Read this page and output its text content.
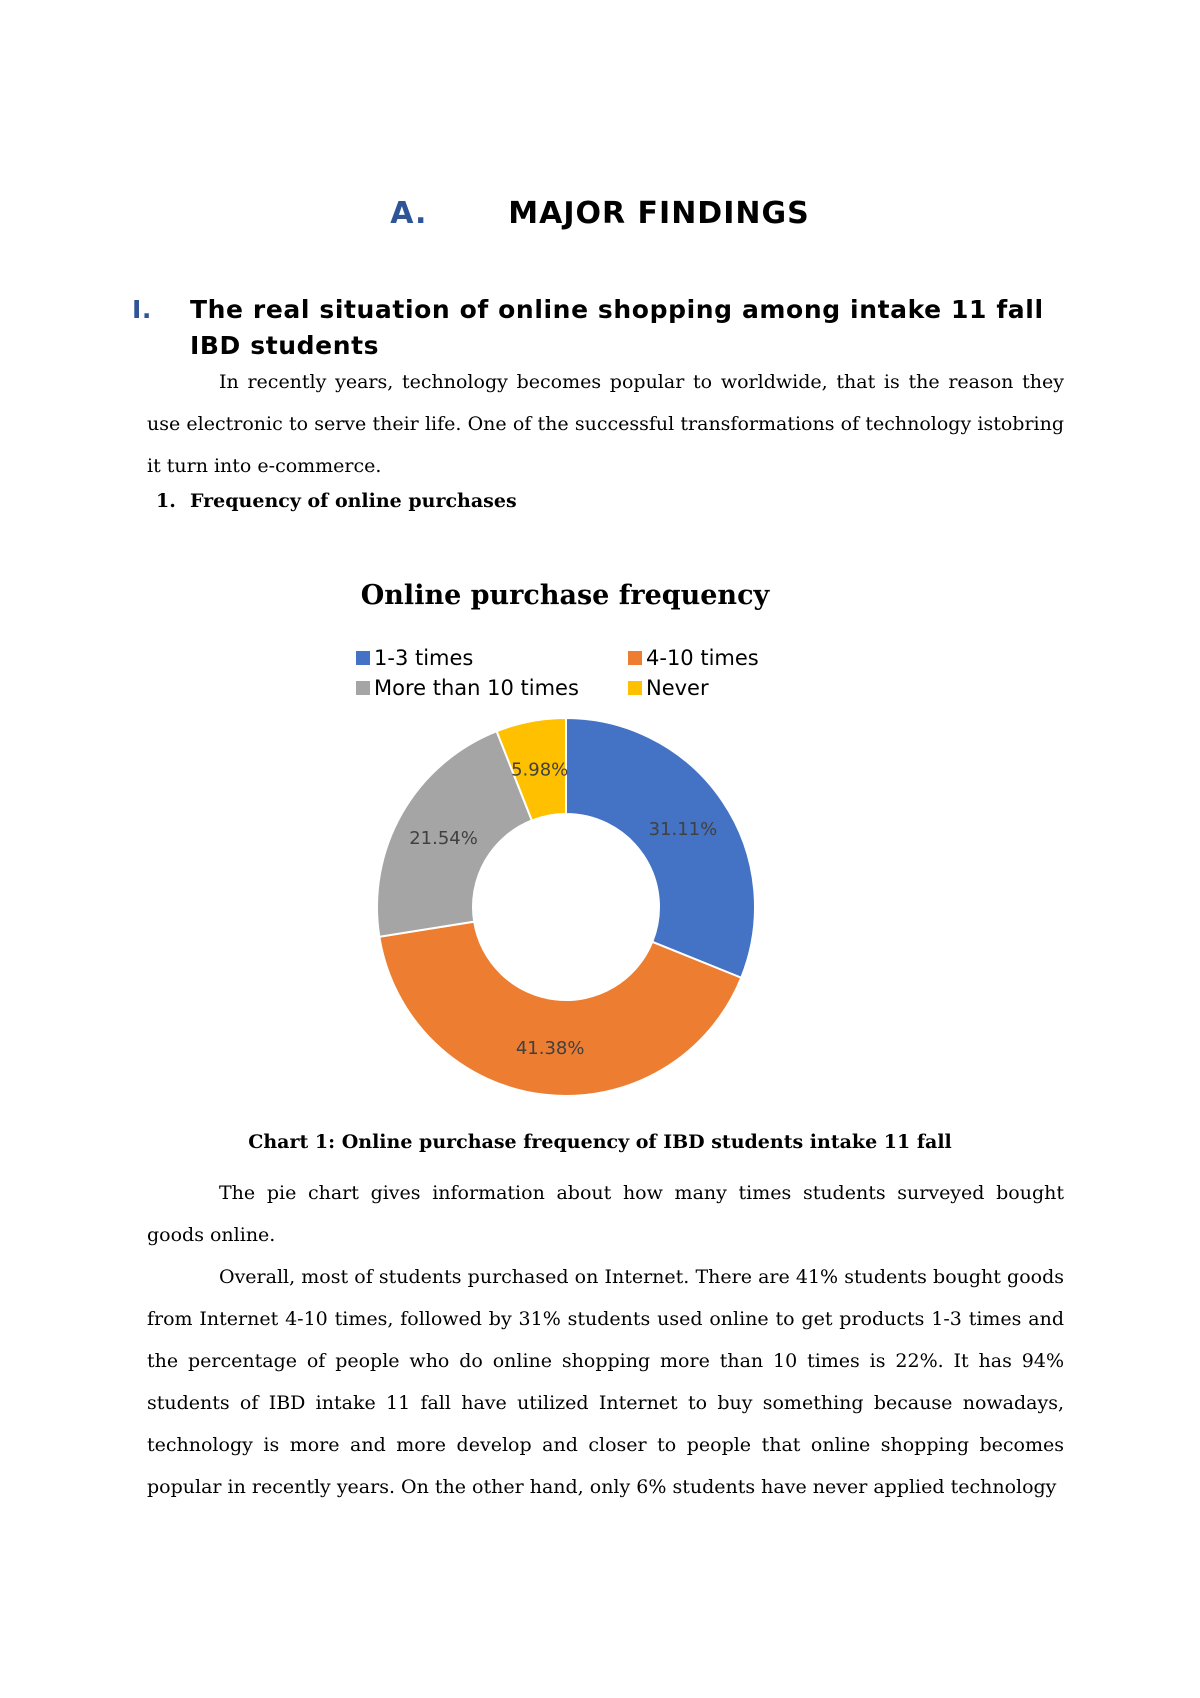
A.	MAJOR FINDINGS
I. The real situation of online shopping among intake 11 fall IBD students
In recently years, technology becomes popular to worldwide, that is the reason they use electronic to serve their life. One of the successful transformations of technology istobring it turn into e-commerce.
1. Frequency of online purchases
Online purchase frequency
1-3 times	4-10 times
More than 10 times	Never
31.11%
41.38%
21.54%
5.98%
Chart 1: Online purchase frequency of IBD students intake 11 fall
The pie chart gives information about how many times students surveyed bought goods online.
Overall, most of students purchased on Internet. There are 41% students bought goods from Internet 4-10 times, followed by 31% students used online to get products 1-3 times and the percentage of people who do online shopping more than 10 times is 22%. It has 94% students of IBD intake 11 fall have utilized Internet to buy something because nowadays, technology is more and more develop and closer to people that online shopping becomes popular in recently years. On the other hand, only 6% students have never applied technology
